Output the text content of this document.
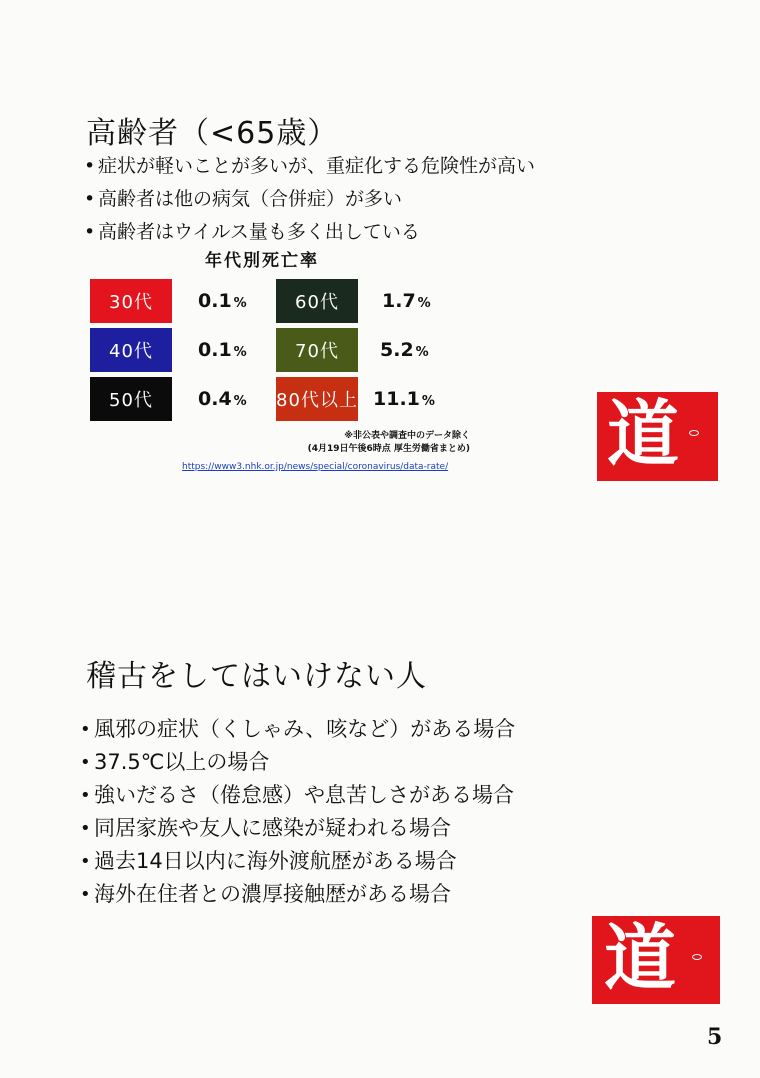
高齢者（<65歳）
• 症状が軽いことが多いが、重症化する危険性が高い
• 高齢者は他の病気（合併症）が多い
• 高齢者はウイルス量も多く出している
年代別死亡率
30代
40代
50代
0.1 %
0.1 %
0.4 %
60代
70代
80代以上
1.7 %
5.2 %
11.1 %
※非公表や調査中のデータ除く
(4月19日午後6時点 厚生労働省まとめ)
https://www3.nhk.or.jp/news/special/coronavirus/data-rate/ 道
稽古をしてはいけない人
• 風邪の症状（くしゃみ、咳など）がある場合
• 37.5℃以上の場合
• 強いだるさ（倦怠感）や息苦しさがある場合
• 同居家族や友人に感染が疑われる場合
• 過去14日以内に海外渡航歴がある場合
• 海外在住者との濃厚接触歴がある場合
道
5
